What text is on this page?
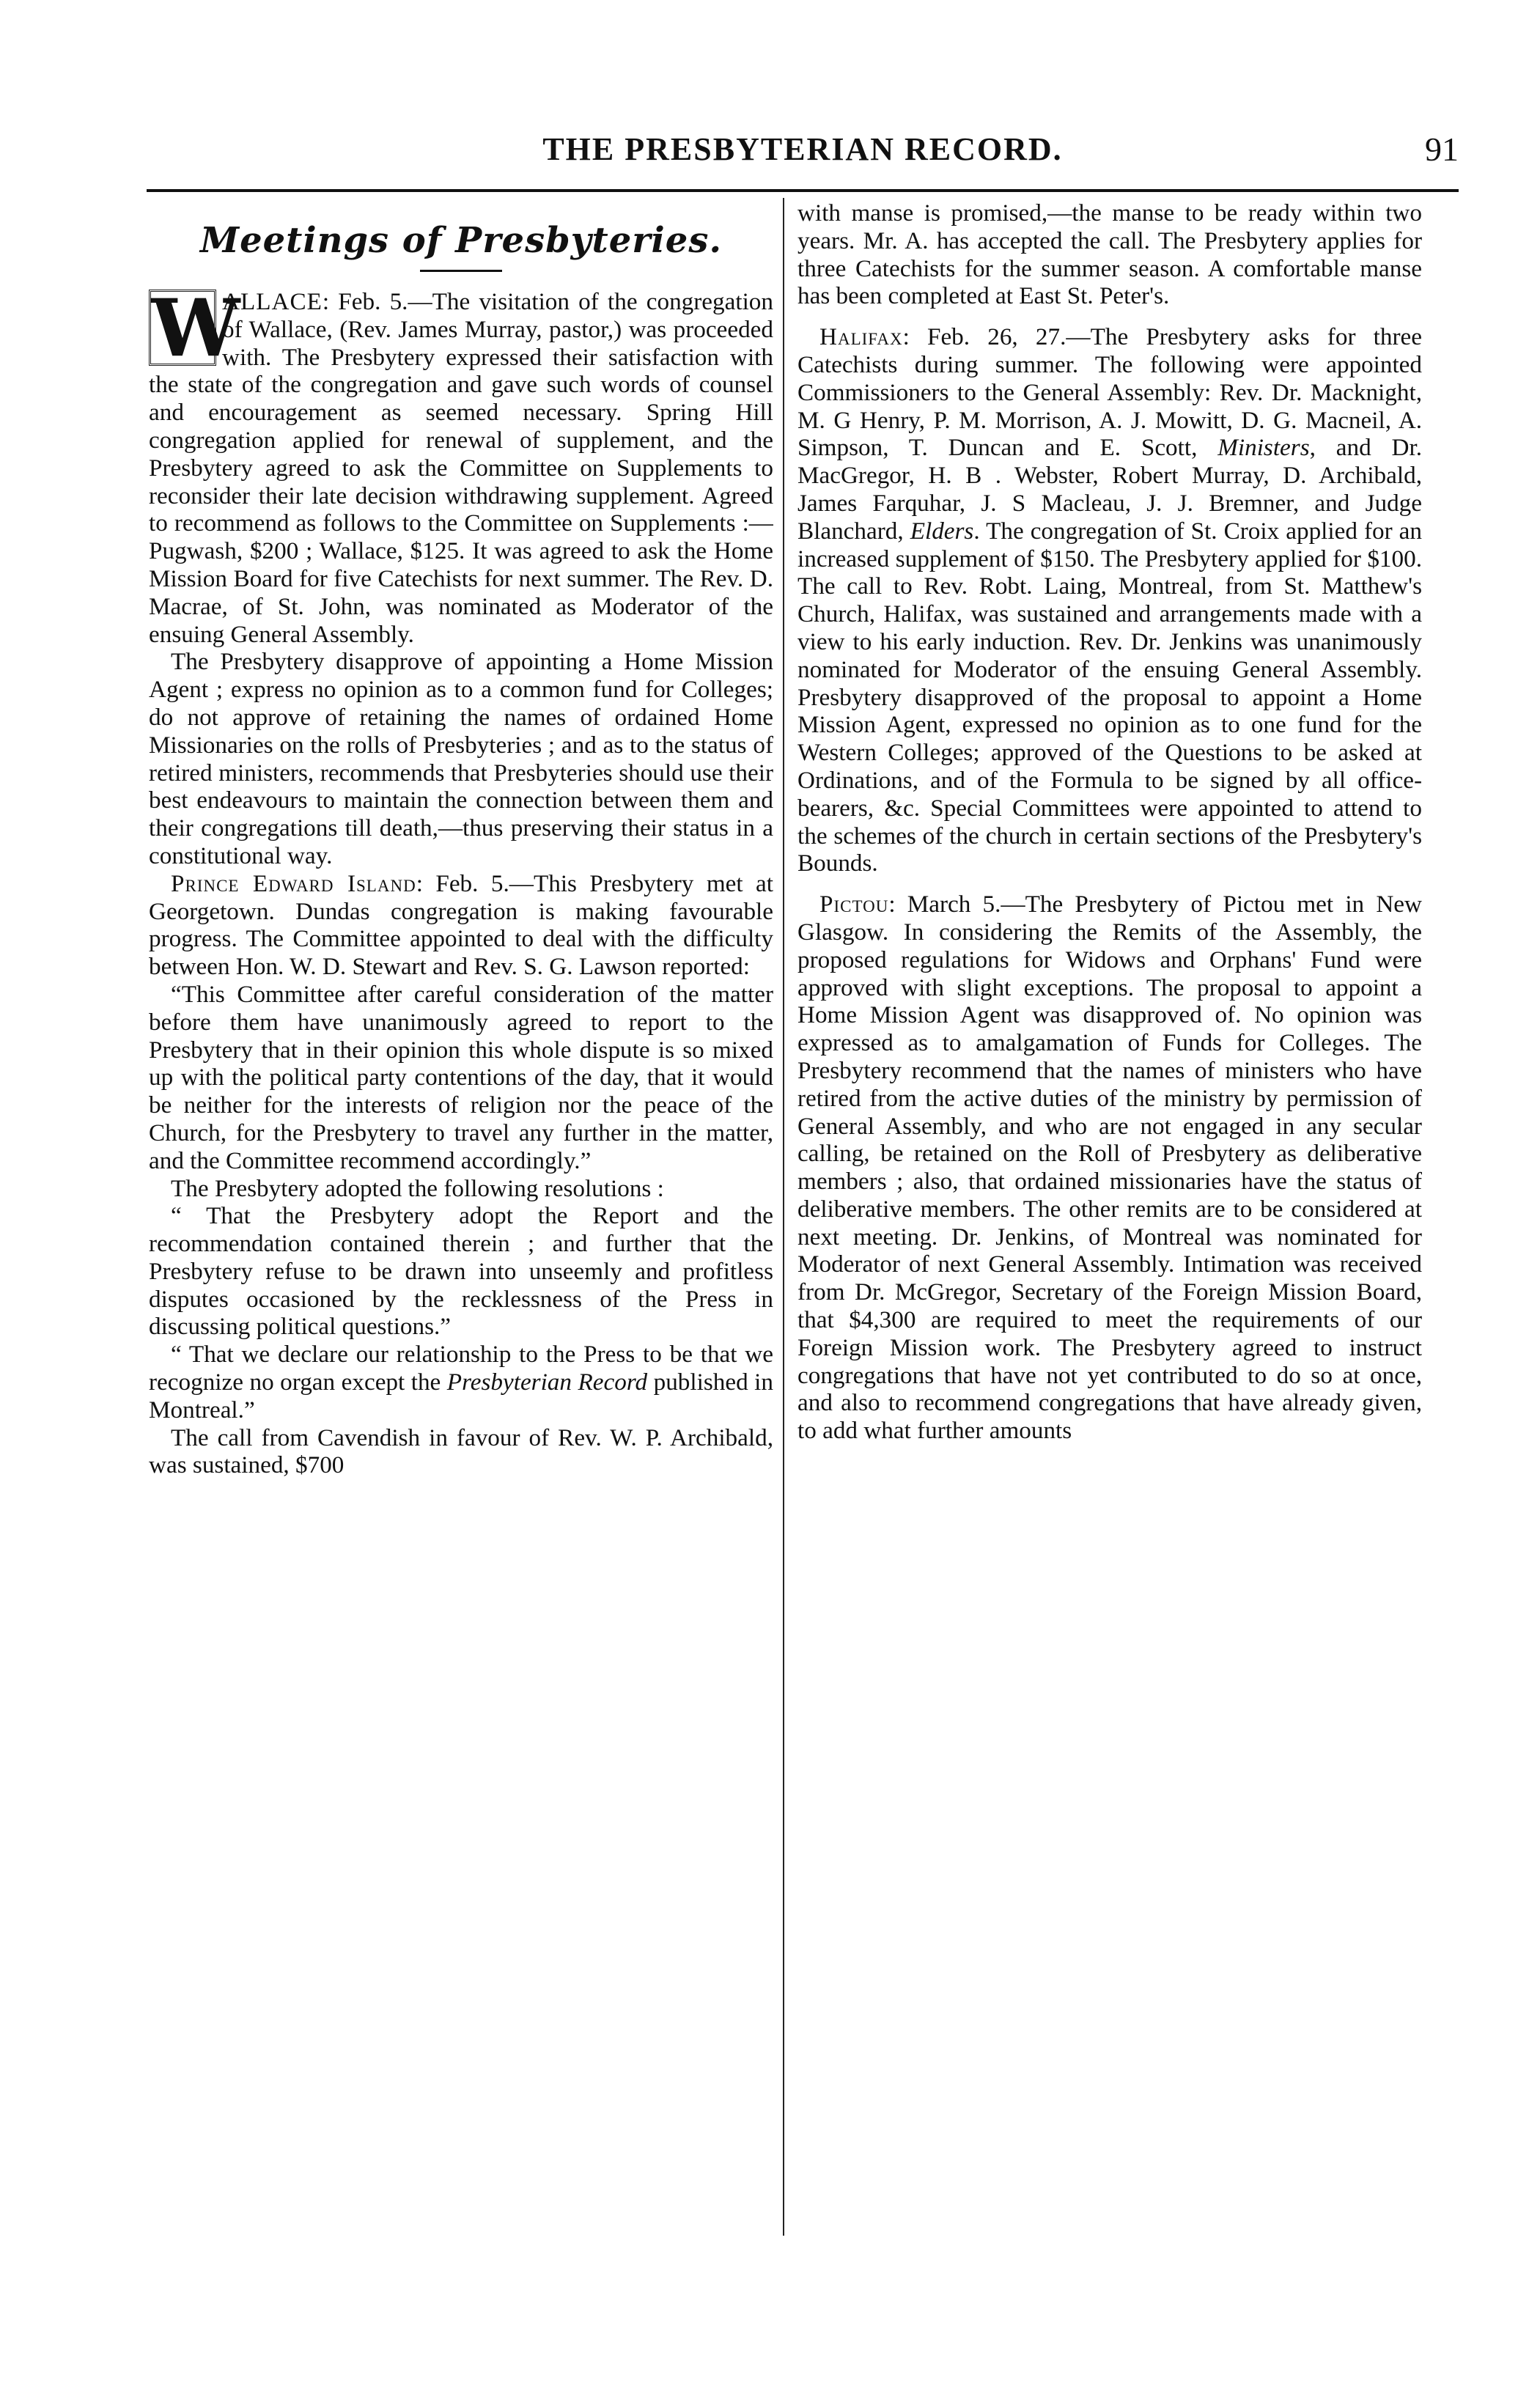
THE PRESBYTERIAN RECORD.	91
Meetings of Presbyteries.

W
ALLACE: Feb. 5.—The visitation of the congregation of Wallace, (Rev. James Murray, pastor,) was proceeded with. The Presbytery expressed their satisfaction with the state of the congregation and gave such words of counsel and encouragement as seemed necessary. Spring Hill congregation applied for renewal of supplement, and the Presbytery agreed to ask the Committee on Supplements to reconsider their late decision withdrawing supplement. Agreed to recommend as follows to the Committee on Supplements :—Pugwash, $200 ; Wallace, $125. It was agreed to ask the Home Mission Board for five Catechists for next summer. The Rev. D. Macrae, of St. John, was nominated as Moderator of the ensuing General Assembly.

The Presbytery disapprove of appointing a Home Mission Agent ; express no opinion as to a common fund for Colleges; do not approve of retaining the names of ordained Home Missionaries on the rolls of Presbyteries ; and as to the status of retired ministers, recommends that Presbyteries should use their best endeavours to maintain the connection between them and their congregations till death,—thus preserving their status in a constitutional way.

Prince Edward Island: Feb. 5.—This Presbytery met at Georgetown. Dundas congregation is making favourable progress. The Committee appointed to deal with the difficulty between Hon. W. D. Stewart and Rev. S. G. Lawson reported:

“This Committee after careful consideration of the matter before them have unanimously agreed to report to the Presbytery that in their opinion this whole dispute is so mixed up with the political party contentions of the day, that it would be neither for the interests of religion nor the peace of the Church, for the Presbytery to travel any further in the matter, and the Committee recommend accordingly.”

The Presbytery adopted the following resolutions :

“ That the Presbytery adopt the Report and the recommendation contained therein ; and further that the Presbytery refuse to be drawn into unseemly and profitless disputes occasioned by the recklessness of the Press in discussing political questions.”

“ That we declare our relationship to the Press to be that we recognize no organ except the Presbyterian Record published in Montreal.”

The call from Cavendish in favour of Rev. W. P. Archibald, was sustained, $700

with manse is promised,—the manse to be ready within two years. Mr. A. has accepted the call. The Presbytery applies for three Catechists for the summer season. A comfortable manse has been completed at East St. Peter's.

Halifax: Feb. 26, 27.—The Presbytery asks for three Catechists during summer. The following were appointed Commissioners to the General Assembly: Rev. Dr. Macknight, M. G Henry, P. M. Morrison, A. J. Mowitt, D. G. Macneil, A. Simpson, T. Duncan and E. Scott, Ministers, and Dr. MacGregor, H. B . Webster, Robert Murray, D. Archibald, James Farquhar, J. S Macleau, J. J. Bremner, and Judge Blanchard, Elders. The congregation of St. Croix applied for an increased supplement of $150. The Presbytery applied for $100. The call to Rev. Robt. Laing, Montreal, from St. Matthew's Church, Halifax, was sustained and arrangements made with a view to his early induction. Rev. Dr. Jenkins was unanimously nominated for Moderator of the ensuing General Assembly. Presbytery disapproved of the proposal to appoint a Home Mission Agent, expressed no opinion as to one fund for the Western Colleges; approved of the Questions to be asked at Ordinations, and of the Formula to be signed by all office-bearers, &c. Special Committees were appointed to attend to the schemes of the church in certain sections of the Presbytery's Bounds.

Pictou: March 5.—The Presbytery of Pictou met in New Glasgow. In considering the Remits of the Assembly, the proposed regulations for Widows and Orphans' Fund were approved with slight exceptions. The proposal to appoint a Home Mission Agent was disapproved of. No opinion was expressed as to amalgamation of Funds for Colleges. The Presbytery recommend that the names of ministers who have retired from the active duties of the ministry by permission of General Assembly, and who are not engaged in any secular calling, be retained on the Roll of Presbytery as deliberative members ; also, that ordained missionaries have the status of deliberative members. The other remits are to be considered at next meeting. Dr. Jenkins, of Montreal was nominated for Moderator of next General Assembly. Intimation was received from Dr. McGregor, Secretary of the Foreign Mission Board, that $4,300 are required to meet the requirements of our Foreign Mission work. The Presbytery agreed to instruct congregations that have not yet contributed to do so at once, and also to recommend congregations that have already given, to add what further amounts
